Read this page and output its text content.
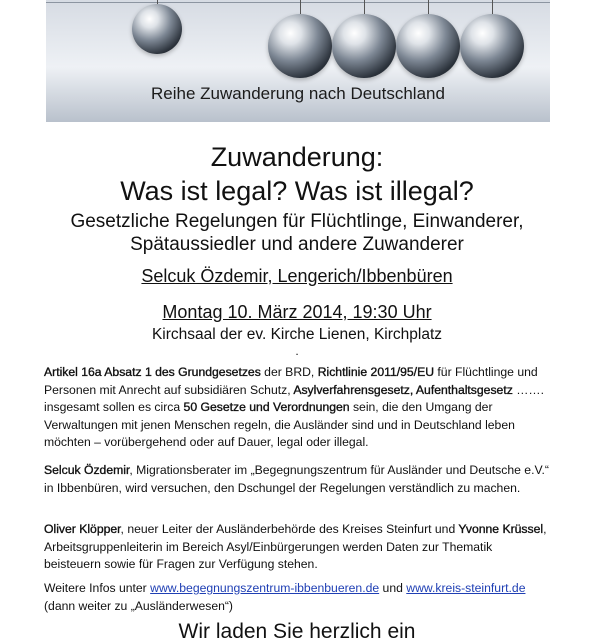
Reihe Zuwanderung nach Deutschland
Zuwanderung:
Was ist legal? Was ist illegal?
Gesetzliche Regelungen für Flüchtlinge, Einwanderer,
Spätaussiedler und andere Zuwanderer
Selcuk Özdemir, Lengerich/Ibbenbüren
Montag 10. März 2014, 19:30 Uhr
Kirchsaal der ev. Kirche Lienen, Kirchplatz
.
Artikel 16a Absatz 1 des Grundgesetzes der BRD, Richtlinie 2011/95/EU für Flüchtlinge und Personen mit Anrecht auf subsidiären Schutz, Asylverfahrensgesetz, Aufenthaltsgesetz ……. insgesamt sollen es circa 50 Gesetze und Verordnungen sein, die den Umgang der Verwaltungen mit jenen Menschen regeln, die Ausländer sind und in Deutschland leben möchten – vorübergehend oder auf Dauer, legal oder illegal.
Selcuk Özdemir, Migrationsberater im „Begegnungszentrum für Ausländer und Deutsche e.V.“ in Ibbenbüren, wird versuchen, den Dschungel der Regelungen verständlich zu machen.
Oliver Klöpper, neuer Leiter der Ausländerbehörde des Kreises Steinfurt und Yvonne Krüssel, Arbeitsgruppenleiterin im Bereich Asyl/Einbürgerungen werden Daten zur Thematik beisteuern sowie für Fragen zur Verfügung stehen.
Weitere Infos unter www.begegnungszentrum-ibbenbueren.de und www.kreis-steinfurt.de (dann weiter zu „Ausländerwesen“)
Wir laden Sie herzlich ein
